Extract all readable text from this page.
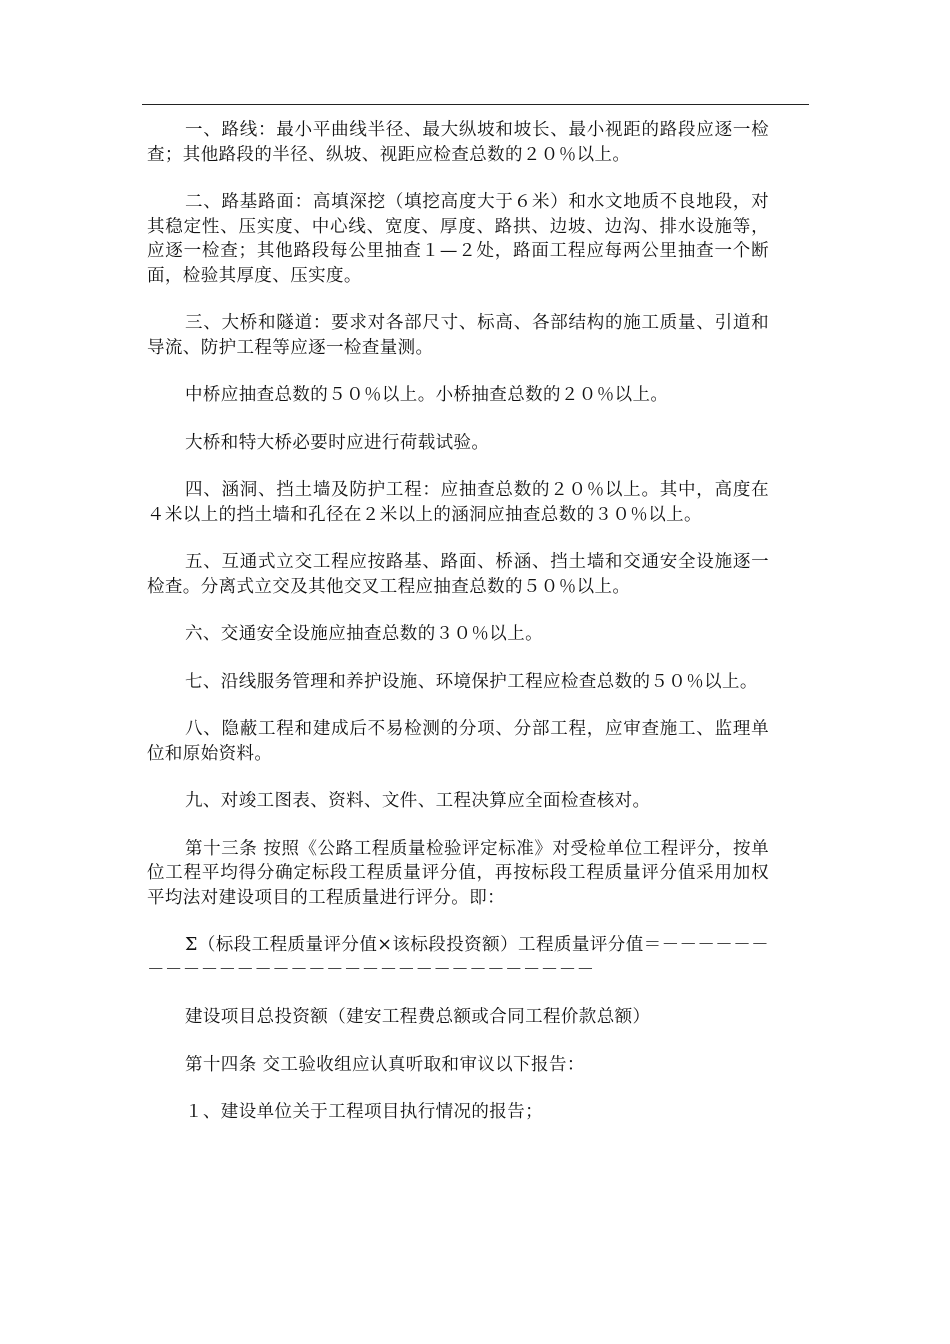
一、路线：最小平曲线半径、最大纵坡和坡长、最小视距的路段应逐一检查；其他路段的半径、纵坡、视距应检查总数的２０％以上。

二、路基路面：高填深挖（填挖高度大于６米）和水文地质不良地段，对其稳定性、压实度、中心线、宽度、厚度、路拱、边坡、边沟、排水设施等，应逐一检查；其他路段每公里抽查１—２处，路面工程应每两公里抽查一个断面，检验其厚度、压实度。

三、大桥和隧道：要求对各部尺寸、标高、各部结构的施工质量、引道和导流、防护工程等应逐一检查量测。

中桥应抽查总数的５０％以上。小桥抽查总数的２０％以上。

大桥和特大桥必要时应进行荷载试验。

四、涵洞、挡土墙及防护工程：应抽查总数的２０％以上。其中，高度在４米以上的挡土墙和孔径在２米以上的涵洞应抽查总数的３０％以上。

五、互通式立交工程应按路基、路面、桥涵、挡土墙和交通安全设施逐一检查。分离式立交及其他交叉工程应抽查总数的５０％以上。

六、交通安全设施应抽查总数的３０％以上。

七、沿线服务管理和养护设施、环境保护工程应检查总数的５０％以上。

八、隐蔽工程和建成后不易检测的分项、分部工程，应审查施工、监理单位和原始资料。

九、对竣工图表、资料、文件、工程决算应全面检查核对。

第十三条 按照《公路工程质量检验评定标准》对受检单位工程评分，按单位工程平均得分确定标段工程质量评分值，再按标段工程质量评分值采用加权平均法对建设项目的工程质量进行评分。即：

Σ（标段工程质量评分值×该标段投资额）工程质量评分值＝－－－－－－－－－－－－－－－－－－－－－－－－－－－－－－－

建设项目总投资额（建安工程费总额或合同工程价款总额）

第十四条 交工验收组应认真听取和审议以下报告：

１、建设单位关于工程项目执行情况的报告；
